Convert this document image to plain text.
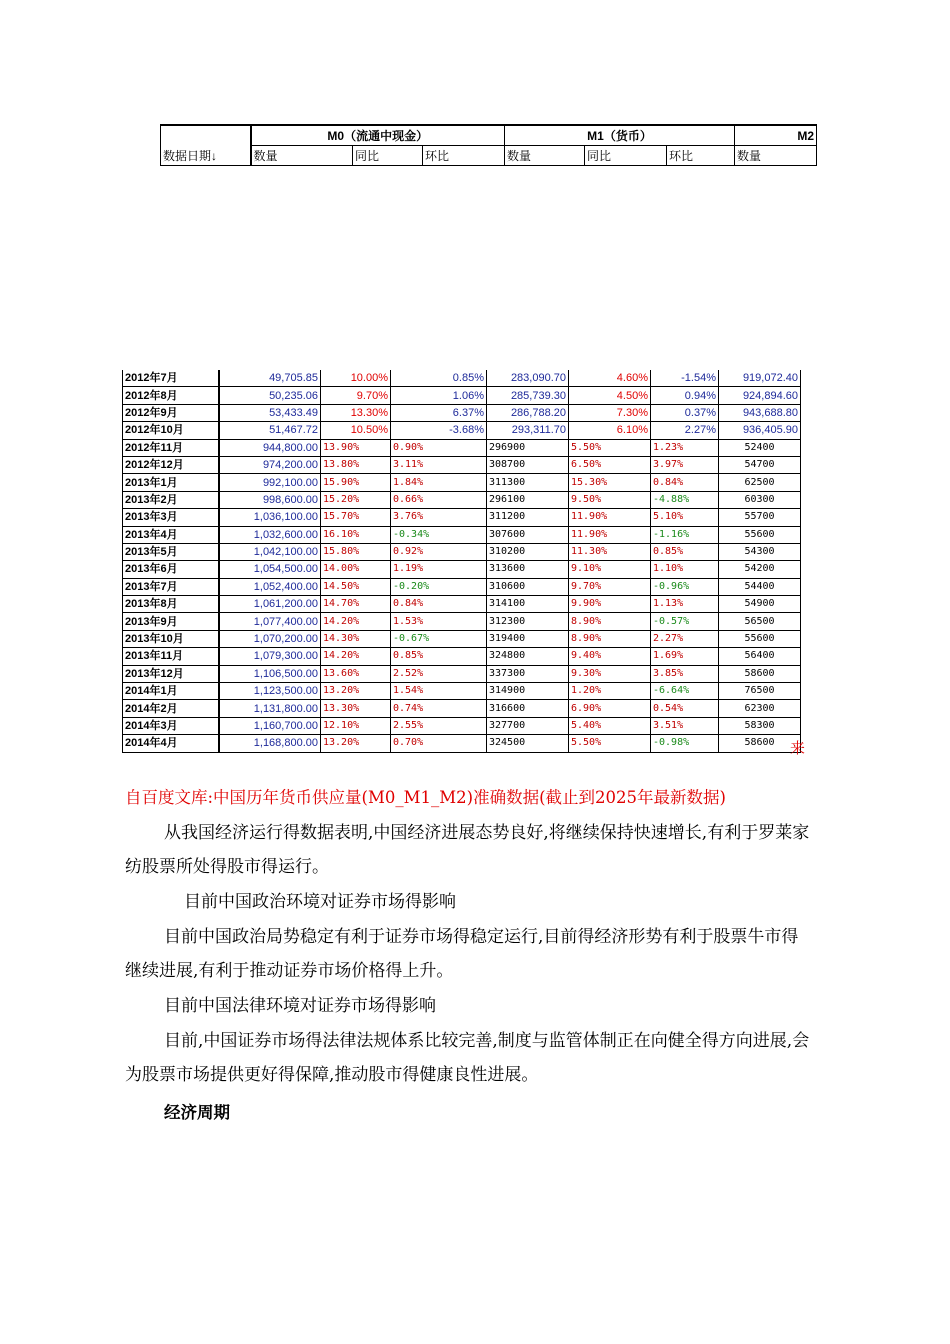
	M0（流通中现金）			M1（货币）			M2
数据日期↓	数量	同比	环比	数量	同比	环比	数量
2012年7月	49,705.85	10.00%	0.85%	283,090.70	4.60%	-1.54%	919,072.40
2012年8月	50,235.06	9.70%	1.06%	285,739.30	4.50%	0.94%	924,894.60
2012年9月	53,433.49	13.30%	6.37%	286,788.20	7.30%	0.37%	943,688.80
2012年10月	51,467.72	10.50%	-3.68%	293,311.70	6.10%	2.27%	936,405.90
2012年11月	944,800.00	13.90%	0.90%	296900	5.50%	1.23%	52400
2012年12月	974,200.00	13.80%	3.11%	308700	6.50%	3.97%	54700
2013年1月	992,100.00	15.90%	1.84%	311300	15.30%	0.84%	62500
2013年2月	998,600.00	15.20%	0.66%	296100	9.50%	-4.88%	60300
2013年3月	1,036,100.00	15.70%	3.76%	311200	11.90%	5.10%	55700
2013年4月	1,032,600.00	16.10%	-0.34%	307600	11.90%	-1.16%	55600
2013年5月	1,042,100.00	15.80%	0.92%	310200	11.30%	0.85%	54300
2013年6月	1,054,500.00	14.00%	1.19%	313600	9.10%	1.10%	54200
2013年7月	1,052,400.00	14.50%	-0.20%	310600	9.70%	-0.96%	54400
2013年8月	1,061,200.00	14.70%	0.84%	314100	9.90%	1.13%	54900
2013年9月	1,077,400.00	14.20%	1.53%	312300	8.90%	-0.57%	56500
2013年10月	1,070,200.00	14.30%	-0.67%	319400	8.90%	2.27%	55600
2013年11月	1,079,300.00	14.20%	0.85%	324800	9.40%	1.69%	56400
2013年12月	1,106,500.00	13.60%	2.52%	337300	9.30%	3.85%	58600
2014年1月	1,123,500.00	13.20%	1.54%	314900	1.20%	-6.64%	76500
2014年2月	1,131,800.00	13.30%	0.74%	316600	6.90%	0.54%	62300
2014年3月	1,160,700.00	12.10%	2.55%	327700	5.40%	3.51%	58300
2014年4月	1,168,800.00	13.20%	0.70%	324500	5.50%	-0.98%	58600 来

自百度文库:中国历年货币供应量(M0_M1_M2)准确数据(截止到2025年最新数据)

从我国经济运行得数据表明,中国经济进展态势良好,将继续保持快速增长,有利于罗莱家纺股票所处得股市得运行。

目前中国政治环境对证券市场得影响

目前中国政治局势稳定有利于证券市场得稳定运行,目前得经济形势有利于股票牛市得继续进展,有利于推动证券市场价格得上升。

目前中国法律环境对证券市场得影响

目前,中国证券市场得法律法规体系比较完善,制度与监管体制正在向健全得方向进展,会为股票市场提供更好得保障,推动股市得健康良性进展。

经济周期
